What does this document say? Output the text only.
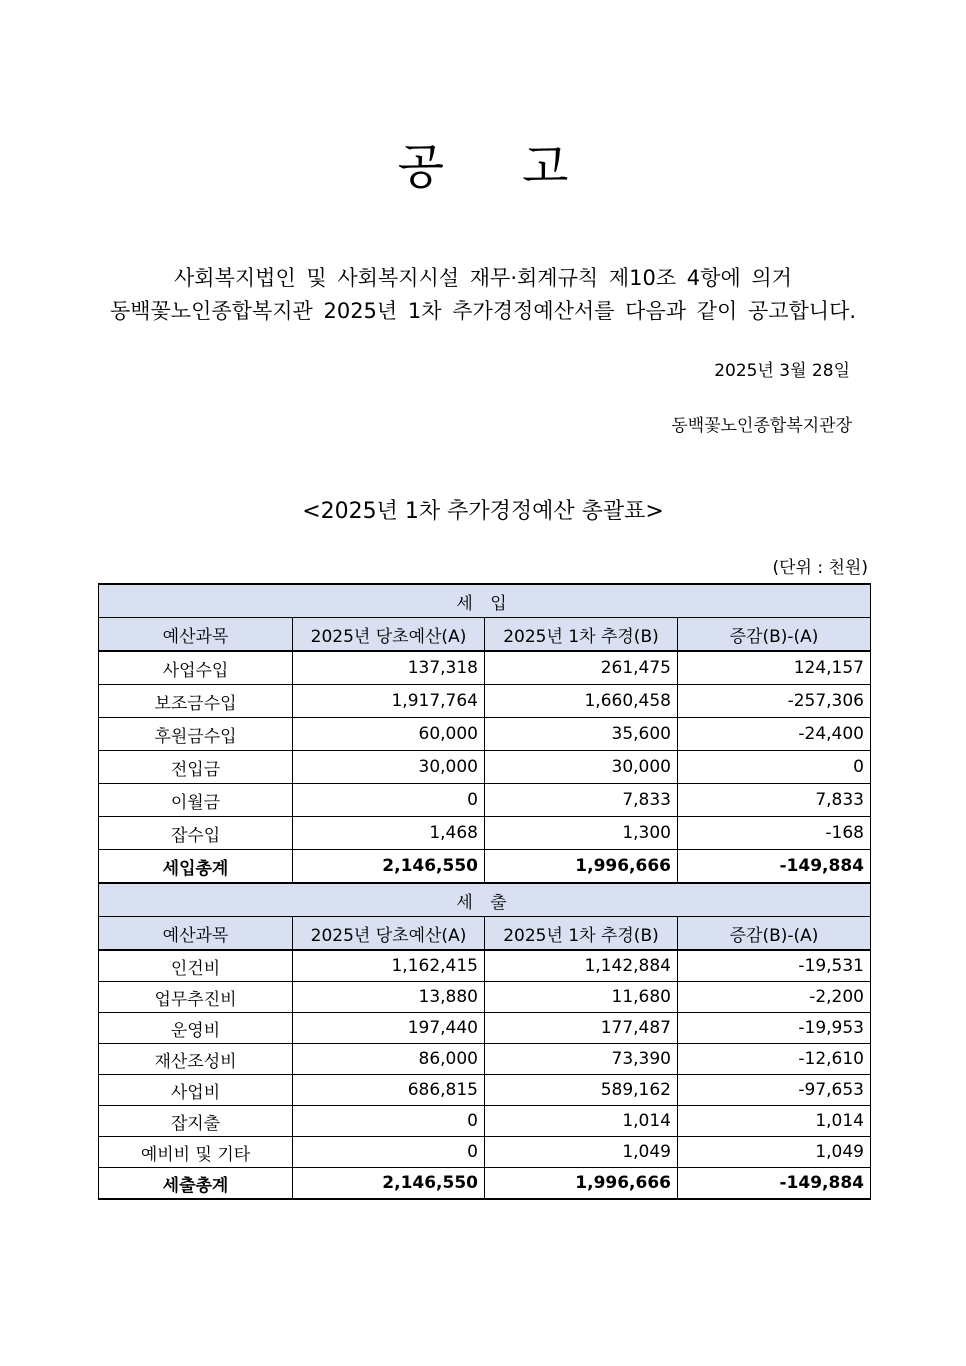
공 고
사회복지법인 및 사회복지시설 재무·회계규칙 제10조 4항에 의거
동백꽃노인종합복지관 2025년 1차 추가경정예산서를 다음과 같이 공고합니다.
2025년 3월 28일
동백꽃노인종합복지관장
<2025년 1차 추가경정예산 총괄표>
(단위 : 천원)
세 입			
예산과목	2025년 당초예산(A)	2025년 1차 추경(B)	증감(B)-(A)
사업수입	137,318	261,475	124,157
보조금수입	1,917,764	1,660,458	-257,306
후원금수입	60,000	35,600	-24,400
전입금	30,000	30,000	0
이월금	0	7,833	7,833
잡수입	1,468	1,300	-168
세입총계	2,146,550	1,996,666	-149,884
세 출			
예산과목	2025년 당초예산(A)	2025년 1차 추경(B)	증감(B)-(A)
인건비	1,162,415	1,142,884	-19,531
업무추진비	13,880	11,680	-2,200
운영비	197,440	177,487	-19,953
재산조성비	86,000	73,390	-12,610
사업비	686,815	589,162	-97,653
잡지출	0	1,014	1,014
예비비 및 기타	0	1,049	1,049
세출총계	2,146,550	1,996,666	-149,884
